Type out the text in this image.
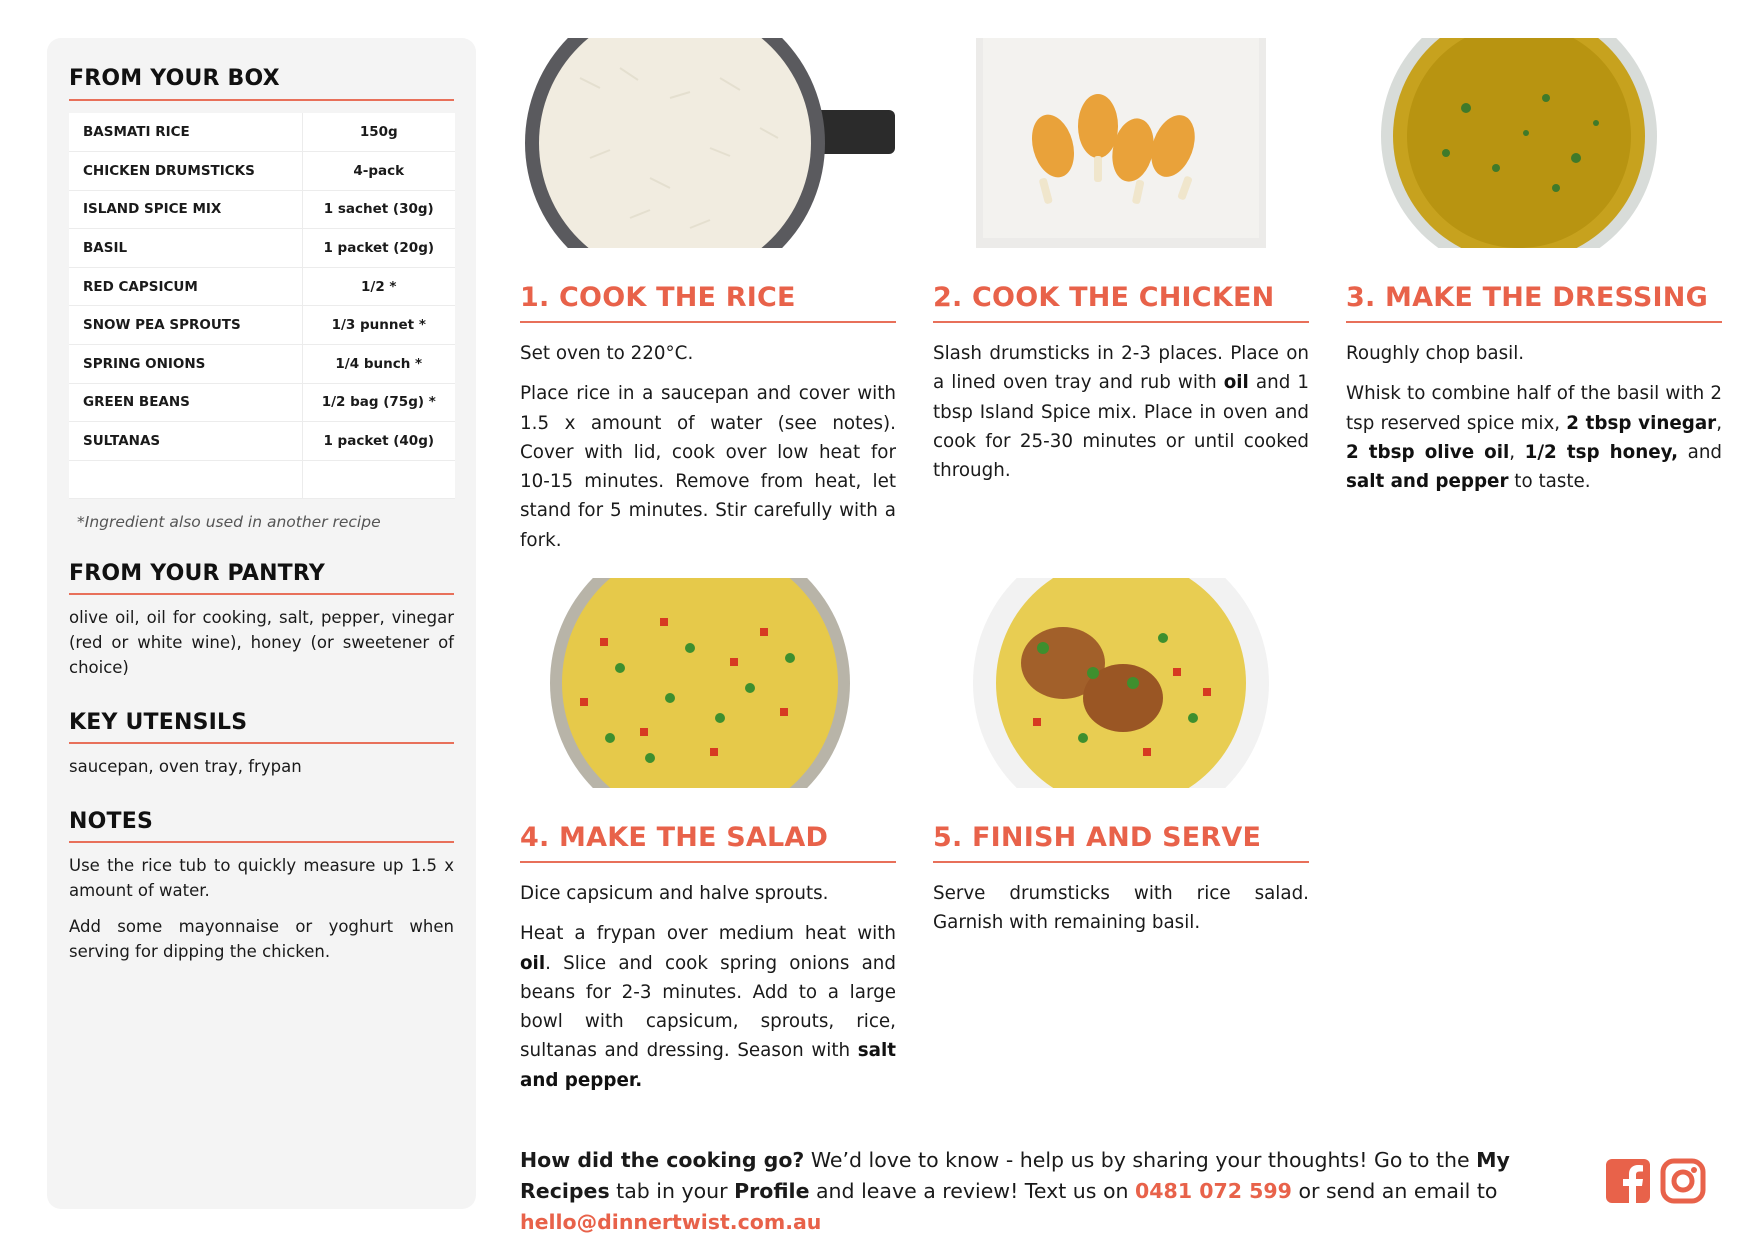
FROM YOUR BOX
BASMATI RICE	150g
CHICKEN DRUMSTICKS	4-pack
ISLAND SPICE MIX	1 sachet (30g)
BASIL	1 packet (20g)
RED CAPSICUM	1/2 *
SNOW PEA SPROUTS	1/3 punnet *
SPRING ONIONS	1/4 bunch *
GREEN BEANS	1/2 bag (75g) *
SULTANAS	1 packet (40g)

*Ingredient also used in another recipe
FROM YOUR PANTRY
olive oil, oil for cooking, salt, pepper, vinegar (red or white wine), honey (or sweetener of choice)
KEY UTENSILS
saucepan, oven tray, frypan
NOTES
Use the rice tub to quickly measure up 1.5 x amount of water.
Add some mayonnaise or yoghurt when serving for dipping the chicken.
1. COOK THE RICE

Set oven to 220°C.

Place rice in a saucepan and cover with 1.5 x amount of water (see notes). Cover with lid, cook over low heat for 10-15 minutes. Remove from heat, let stand for 5 minutes. Stir carefully with a fork.

2. COOK THE CHICKEN

Slash drumsticks in 2-3 places. Place on a lined oven tray and rub with oil and 1 tbsp Island Spice mix. Place in oven and cook for 25-30 minutes or until cooked through.

3. MAKE THE DRESSING

Roughly chop basil.

Whisk to combine half of the basil with 2 tsp reserved spice mix, 2 tbsp vinegar, 2 tbsp olive oil, 1/2 tsp honey, and salt and pepper to taste.

4. MAKE THE SALAD

Dice capsicum and halve sprouts.

Heat a frypan over medium heat with oil. Slice and cook spring onions and beans for 2-3 minutes. Add to a large bowl with capsicum, sprouts, rice, sultanas and dressing. Season with salt and pepper.

5. FINISH AND SERVE

Serve drumsticks with rice salad. Garnish with remaining basil.

How did the cooking go? We’d love to know - help us by sharing your thoughts! Go to the My Recipes tab in your Profile and leave a review! Text us on 0481 072 599 or send an email to hello@dinnertwist.com.au
